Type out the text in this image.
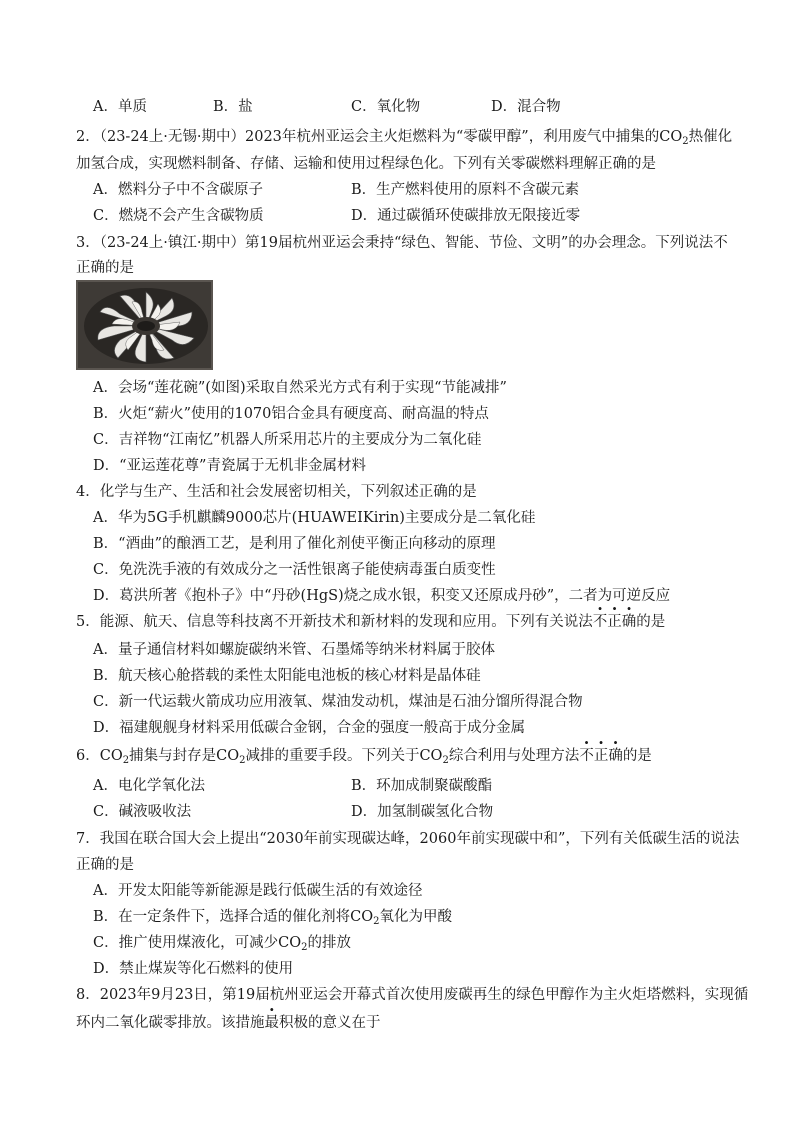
A．单质	B．盐	C．氧化物	D．混合物
2．（23-24上·无锡·期中）2023年杭州亚运会主火炬燃料为“零碳甲醇”，利用废气中捕集的$CO_2$热催化
加氢合成，实现燃料制备、存储、运输和使用过程绿色化。下列有关零碳燃料理解正确的是
A．燃料分子中不含碳原子	B．生产燃料使用的原料不含碳元素
C．燃烧不会产生含碳物质	D．通过碳循环使碳排放无限接近零
3．（23-24上·镇江·期中）第19届杭州亚运会秉持“绿色、智能、节俭、文明”的办会理念。下列说法不
正确的是
A．会场“莲花碗”(如图)采取自然采光方式有利于实现“节能减排”
B．火炬“薪火”使用的1070铝合金具有硬度高、耐高温的特点
C．吉祥物“江南忆”机器人所采用芯片的主要成分为二氧化硅
D．“亚运莲花尊”青瓷属于无机非金属材料
4．化学与生产、生活和社会发展密切相关，下列叙述正确的是
A．华为5G手机麒麟9000芯片(HUAWEIKirin)主要成分是二氧化硅
B．“酒曲”的酿酒工艺，是利用了催化剂使平衡正向移动的原理
C．免洗洗手液的有效成分之一活性银离子能使病毒蛋白质变性
D．葛洪所著《抱朴子》中“丹砂(HgS)烧之成水银，积变又还原成丹砂”，二者为可逆反应
5．能源、航天、信息等科技离不开新技术和新材料的发现和应用。下列有关说法不正确的是
A．量子通信材料如螺旋碳纳米管、石墨烯等纳米材料属于胶体
B．航天核心舱搭载的柔性太阳能电池板的核心材料是晶体硅
C．新一代运载火箭成功应用液氧、煤油发动机，煤油是石油分馏所得混合物
D．福建舰舰身材料采用低碳合金钢，合金的强度一般高于成分金属
6．$CO_2$捕集与封存是$CO_2$减排的重要手段。下列关于$CO_2$综合利用与处理方法不正确的是
A．电化学氧化法	B．环加成制聚碳酸酯
C．碱液吸收法	D．加氢制碳氢化合物
7．我国在联合国大会上提出“2030年前实现碳达峰，2060年前实现碳中和”，下列有关低碳生活的说法
正确的是
A．开发太阳能等新能源是践行低碳生活的有效途径
B．在一定条件下，选择合适的催化剂将$CO_2$氧化为甲酸
C．推广使用煤液化，可减少$CO_2$的排放
D．禁止煤炭等化石燃料的使用
8．2023年9月23日，第19届杭州亚运会开幕式首次使用废碳再生的绿色甲醇作为主火炬塔燃料，实现循
环内二氧化碳零排放。该措施最积极的意义在于
